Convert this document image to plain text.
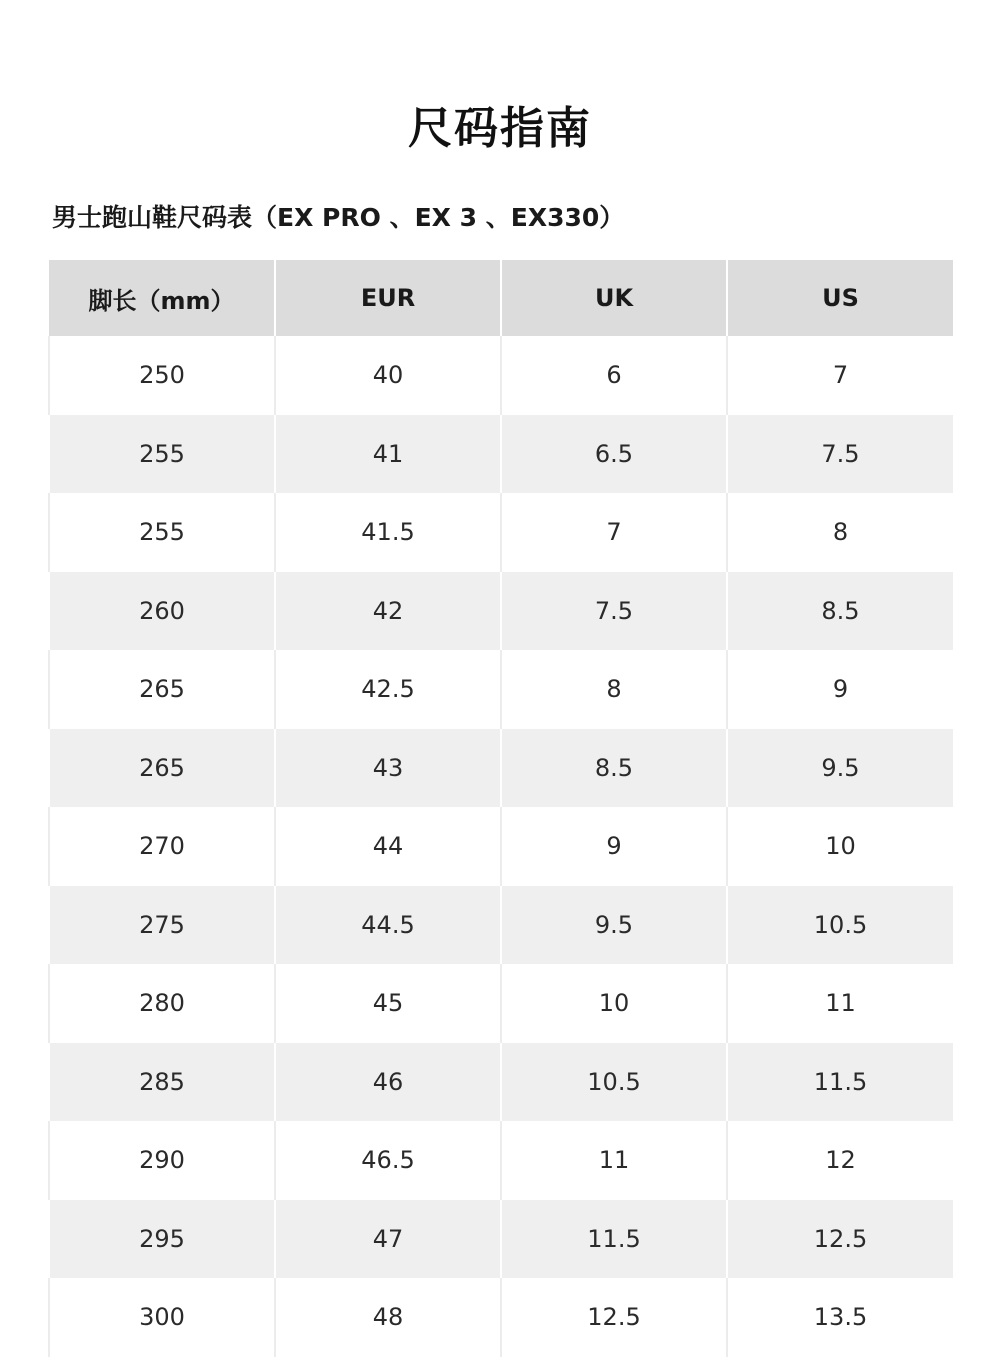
尺码指南
男士跑山鞋尺码表（EX PRO 、EX 3 、EX330）
脚长（mm）	EUR	UK	US
250	40	6	7
255	41	6.5	7.5
255	41.5	7	8
260	42	7.5	8.5
265	42.5	8	9
265	43	8.5	9.5
270	44	9	10
275	44.5	9.5	10.5
280	45	10	11
285	46	10.5	11.5
290	46.5	11	12
295	47	11.5	12.5
300	48	12.5	13.5
